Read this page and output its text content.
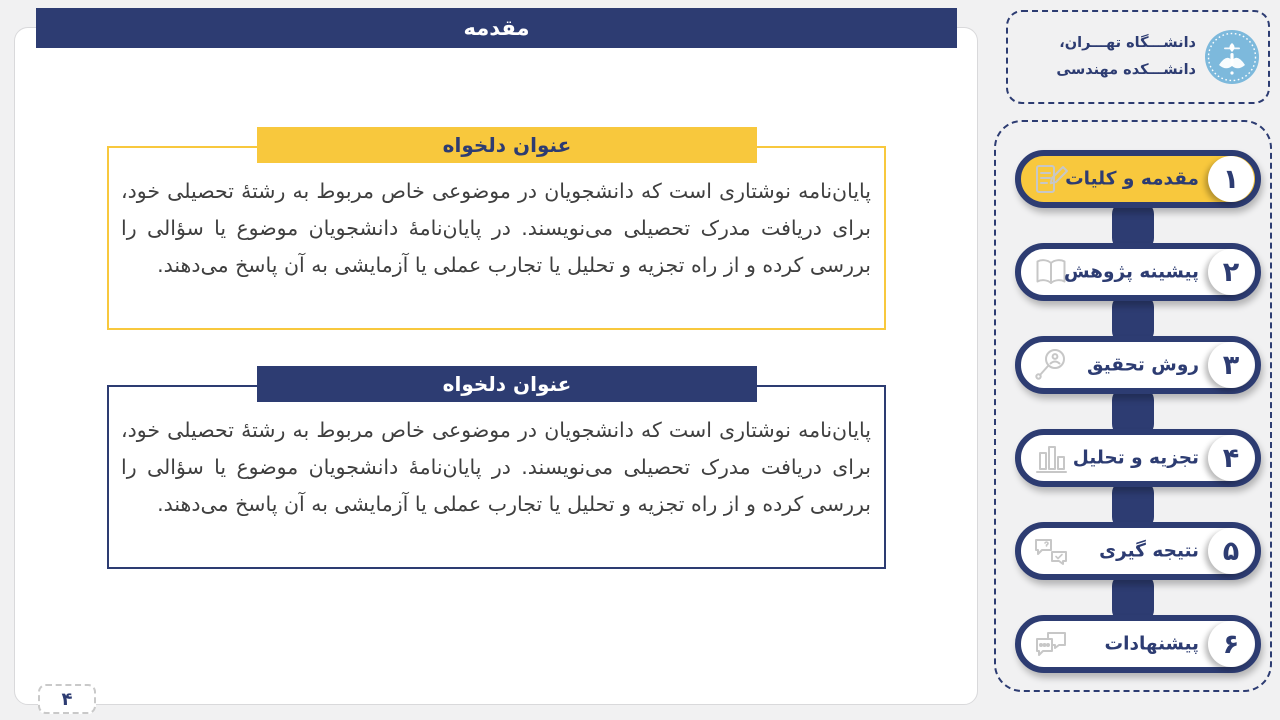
مقدمه
عنوان دلخواه
پایان‌نامه نوشتاری است که دانشجویان در موضوعی خاص مربوط به رشتهٔ تحصیلی خود، برای دریافت مدرک تحصیلی می‌نویسند. در پایان‌نامهٔ دانشجویان موضوع یا سؤالی را بررسی کرده و از راه تجزیه و تحلیل یا تجارب عملی یا آزمایشی به آن پاسخ می‌دهند.
عنوان دلخواه
پایان‌نامه نوشتاری است که دانشجویان در موضوعی خاص مربوط به رشتهٔ تحصیلی خود، برای دریافت مدرک تحصیلی می‌نویسند. در پایان‌نامهٔ دانشجویان موضوع یا سؤالی را بررسی کرده و از راه تجزیه و تحلیل یا تجارب عملی یا آزمایشی به آن پاسخ می‌دهند.
۴
دانشـــگاه تهـــران، دانشـــکده مهندسی
مقدمه و کلیات ۱
پیشینه پژوهش ۲
روش تحقیق ۳
تجزیه و تحلیل ۴
نتیجه گیری ۵
پیشنهادات ۶
